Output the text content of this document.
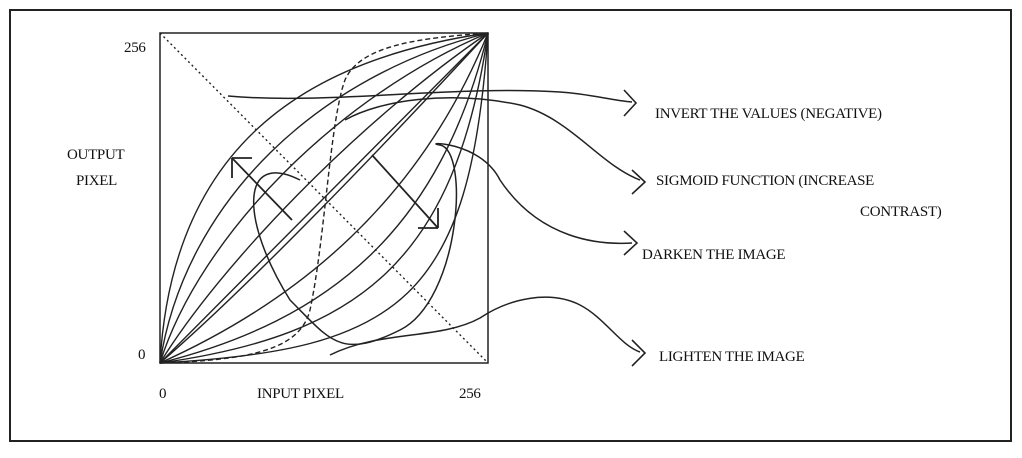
256
0
0	256
OUTPUT
PIXEL
INPUT PIXEL
INVERT THE VALUES (NEGATIVE)
SIGMOID FUNCTION (INCREASE
CONTRAST)
DARKEN THE IMAGE
LIGHTEN THE IMAGE
